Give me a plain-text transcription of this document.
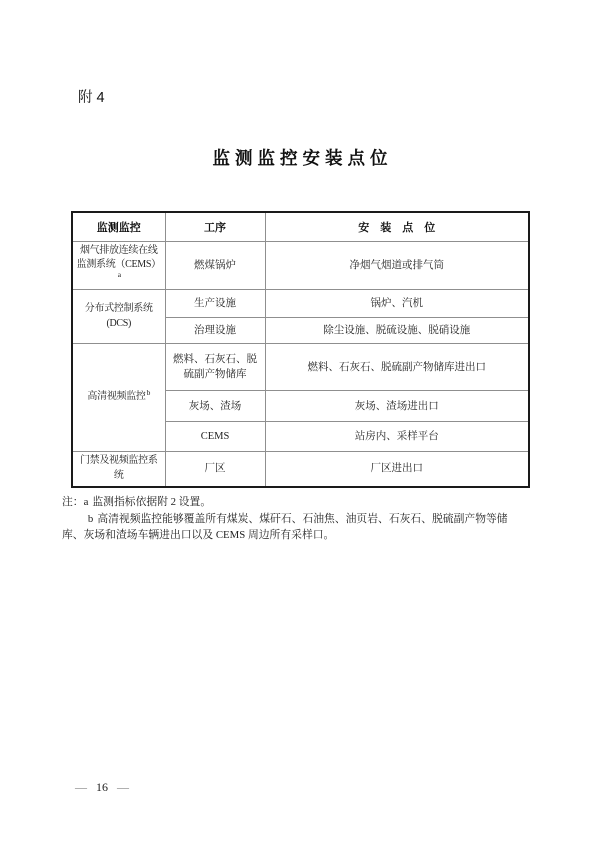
附 4
监测监控安装点位
监测监控	工序	安　装　点　位
烟气排放连续在线监测系统（CEMS）$^a$	燃煤锅炉	净烟气烟道或排气筒
分布式控制系统(DCS)	生产设施	锅炉、汽机
	治理设施	除尘设施、脱硫设施、脱硝设施
高清视频监控$^b$	燃料、石灰石、脱硫副产物储库	燃料、石灰石、脱硫副产物储库进出口
	灰场、渣场	灰场、渣场进出口
	CEMS	站房内、采样平台
门禁及视频监控系统	厂区	厂区进出口

注：a 监测指标依据附 2 设置。

b 高清视频监控能够覆盖所有煤炭、煤矸石、石油焦、油页岩、石灰石、脱硫副产物等储库、灰场和渣场车辆进出口以及 CEMS 周边所有采样口。

— 16 —
